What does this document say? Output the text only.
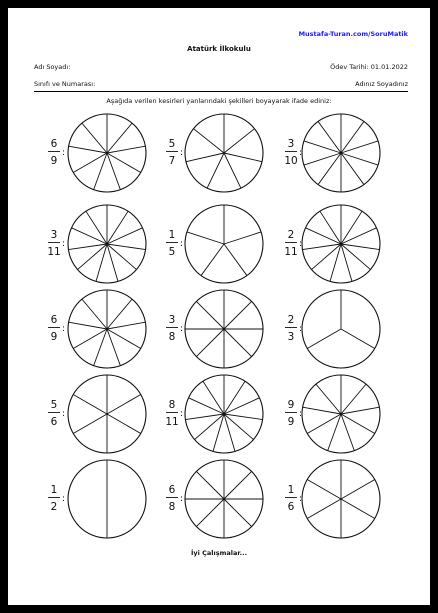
Mustafa-Turan.com/SoruMatik
Atatürk İlkokulu
Adı Soyadı:	Ödev Tarihi: 01.01.2022
Sınıfı ve Numarası:	Adınız Soyadınız
Aşağıda verilen kesirleri yanlarındaki şekilleri boyayarak ifade ediniz:
İyi Çalışmalar...
6
9
:
5
7
:
3
10
:
3
11
:
1
5
:
2
11
:
6
9
:
3
8
:
2
3
:
5
6
:
8
11
:
9
9
:
1
2
:
6
8
:
1
6
:
